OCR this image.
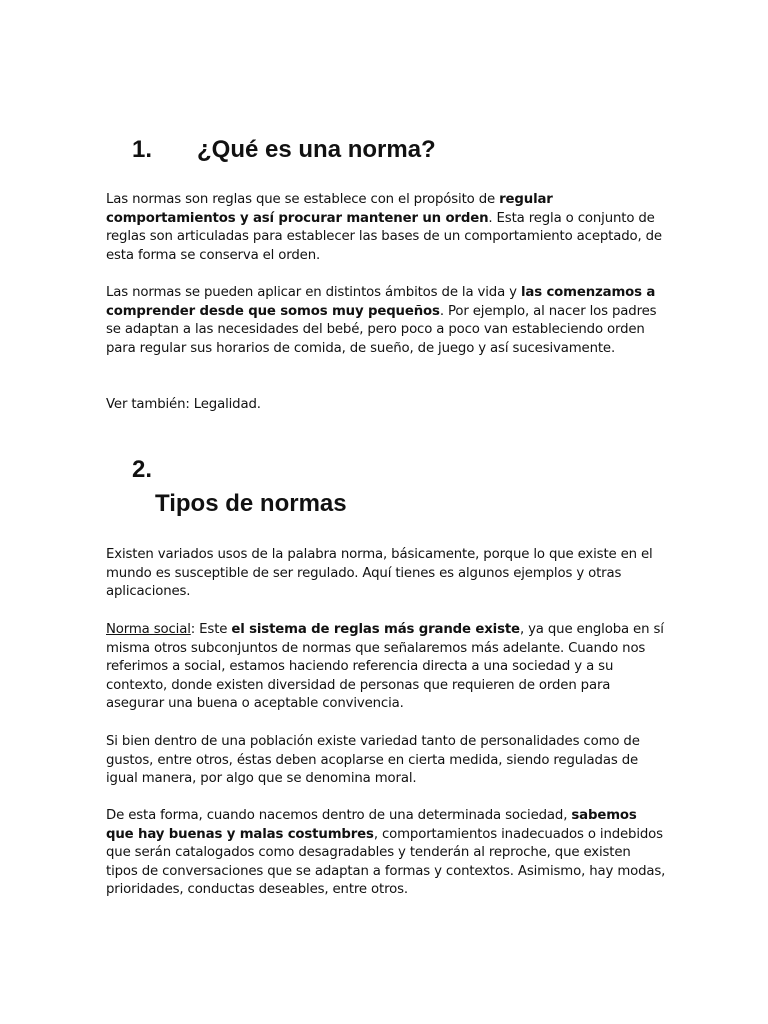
1. ¿Qué es una norma?

Las normas son reglas que se establece con el propósito de regular comportamientos y así procurar mantener un orden. Esta regla o conjunto de reglas son articuladas para establecer las bases de un comportamiento aceptado, de esta forma se conserva el orden.

Las normas se pueden aplicar en distintos ámbitos de la vida y las comenzamos a comprender desde que somos muy pequeños. Por ejemplo, al nacer los padres se adaptan a las necesidades del bebé, pero poco a poco van estableciendo orden para regular sus horarios de comida, de sueño, de juego y así sucesivamente.

Ver también: Legalidad.

2.
Tipos de normas

Existen variados usos de la palabra norma, básicamente, porque lo que existe en el mundo es susceptible de ser regulado. Aquí tienes es algunos ejemplos y otras aplicaciones.

Norma social: Este el sistema de reglas más grande existe, ya que engloba en sí misma otros subconjuntos de normas que señalaremos más adelante. Cuando nos referimos a social, estamos haciendo referencia directa a una sociedad y a su contexto, donde existen diversidad de personas que requieren de orden para asegurar una buena o aceptable convivencia.

Si bien dentro de una población existe variedad tanto de personalidades como de gustos, entre otros, éstas deben acoplarse en cierta medida, siendo reguladas de igual manera, por algo que se denomina moral.

De esta forma, cuando nacemos dentro de una determinada sociedad, sabemos que hay buenas y malas costumbres, comportamientos inadecuados o indebidos que serán catalogados como desagradables y tenderán al reproche, que existen tipos de conversaciones que se adaptan a formas y contextos. Asimismo, hay modas, prioridades, conductas deseables, entre otros.
